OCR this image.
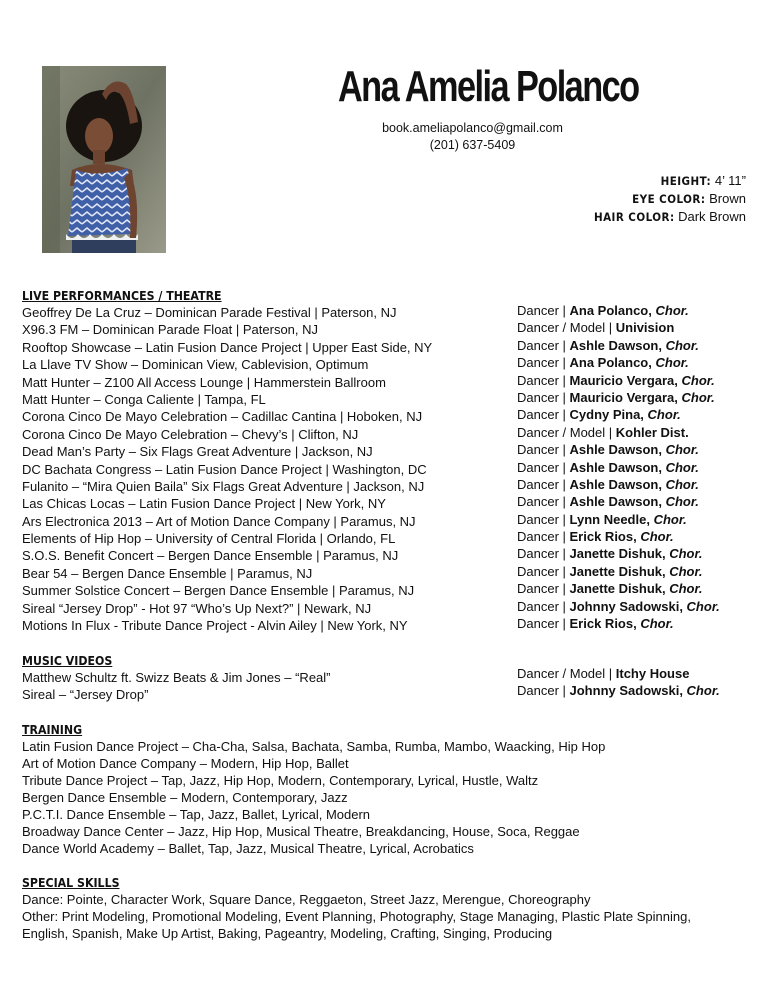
Ana Amelia Polanco
book.ameliapolanco@gmail.com
(201) 637-5409
HEIGHT: 4’ 11”
EYE COLOR: Brown
HAIR COLOR: Dark Brown
LIVE PERFORMANCES / THEATRE
Geoffrey De La Cruz – Dominican Parade Festival | Paterson, NJ
X96.3 FM – Dominican Parade Float | Paterson, NJ
Rooftop Showcase – Latin Fusion Dance Project | Upper East Side, NY
La Llave TV Show – Dominican View, Cablevision, Optimum
Matt Hunter – Z100 All Access Lounge | Hammerstein Ballroom
Matt Hunter – Conga Caliente | Tampa, FL
Corona Cinco De Mayo Celebration – Cadillac Cantina | Hoboken, NJ
Corona Cinco De Mayo Celebration – Chevy’s | Clifton, NJ
Dead Man’s Party – Six Flags Great Adventure | Jackson, NJ
DC Bachata Congress – Latin Fusion Dance Project | Washington, DC
Fulanito – “Mira Quien Baila” Six Flags Great Adventure | Jackson, NJ
Las Chicas Locas – Latin Fusion Dance Project | New York, NY
Ars Electronica 2013 – Art of Motion Dance Company | Paramus, NJ
Elements of Hip Hop – University of Central Florida | Orlando, FL
S.O.S. Benefit Concert – Bergen Dance Ensemble | Paramus, NJ
Bear 54 – Bergen Dance Ensemble | Paramus, NJ
Summer Solstice Concert – Bergen Dance Ensemble | Paramus, NJ
Sireal “Jersey Drop” - Hot 97 “Who’s Up Next?” | Newark, NJ
Motions In Flux - Tribute Dance Project - Alvin Ailey | New York, NY
Dancer | Ana Polanco, Chor.
Dancer / Model | Univision
Dancer | Ashle Dawson, Chor.
Dancer | Ana Polanco, Chor.
Dancer | Mauricio Vergara, Chor.
Dancer | Mauricio Vergara, Chor.
Dancer | Cydny Pina, Chor.
Dancer / Model | Kohler Dist.
Dancer | Ashle Dawson, Chor.
Dancer | Ashle Dawson, Chor.
Dancer | Ashle Dawson, Chor.
Dancer | Ashle Dawson, Chor.
Dancer | Lynn Needle, Chor.
Dancer | Erick Rios, Chor.
Dancer | Janette Dishuk, Chor.
Dancer | Janette Dishuk, Chor.
Dancer | Janette Dishuk, Chor.
Dancer | Johnny Sadowski, Chor.
Dancer | Erick Rios, Chor.
MUSIC VIDEOS
Matthew Schultz ft. Swizz Beats & Jim Jones – “Real”
Sireal – “Jersey Drop”
Dancer / Model | Itchy House
Dancer | Johnny Sadowski, Chor.
TRAINING
Latin Fusion Dance Project – Cha-Cha, Salsa, Bachata, Samba, Rumba, Mambo, Waacking, Hip Hop
Art of Motion Dance Company – Modern, Hip Hop, Ballet
Tribute Dance Project – Tap, Jazz, Hip Hop, Modern, Contemporary, Lyrical, Hustle, Waltz
Bergen Dance Ensemble – Modern, Contemporary, Jazz
P.C.T.I. Dance Ensemble – Tap, Jazz, Ballet, Lyrical, Modern
Broadway Dance Center – Jazz, Hip Hop, Musical Theatre, Breakdancing, House, Soca, Reggae
Dance World Academy – Ballet, Tap, Jazz, Musical Theatre, Lyrical, Acrobatics
SPECIAL SKILLS
Dance: Pointe, Character Work, Square Dance, Reggaeton, Street Jazz, Merengue, Choreography
Other: Print Modeling, Promotional Modeling, Event Planning, Photography, Stage Managing, Plastic Plate Spinning,
English, Spanish, Make Up Artist, Baking, Pageantry, Modeling, Crafting, Singing, Producing
